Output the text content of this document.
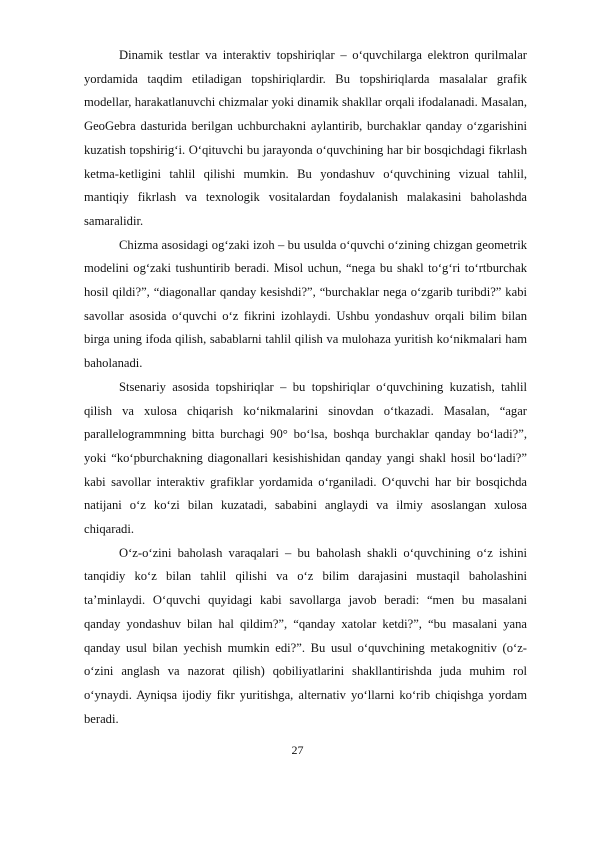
Dinamik testlar va interaktiv topshiriqlar – o‘quvchilarga elektron qurilmalar yordamida taqdim etiladigan topshiriqlardir. Bu topshiriqlarda masalalar grafik modellar, harakatlanuvchi chizmalar yoki dinamik shakllar orqali ifodalanadi. Masalan, GeoGebra dasturida berilgan uchburchakni aylantirib, burchaklar qanday o‘zgarishini kuzatish topshirig‘i. O‘qituvchi bu jarayonda o‘quvchining har bir bosqichdagi fikrlash ketma-ketligini tahlil qilishi mumkin. Bu yondashuv o‘quvchining vizual tahlil, mantiqiy fikrlash va texnologik vositalardan foydalanish malakasini baholashda samaralidir.

Chizma asosidagi og‘zaki izoh – bu usulda o‘quvchi o‘zining chizgan geometrik modelini og‘zaki tushuntirib beradi. Misol uchun, “nega bu shakl to‘g‘ri to‘rtburchak hosil qildi?”, “diagonallar qanday kesishdi?”, “burchaklar nega o‘zgarib turibdi?” kabi savollar asosida o‘quvchi o‘z fikrini izohlaydi. Ushbu yondashuv orqali bilim bilan birga uning ifoda qilish, sabablarni tahlil qilish va mulohaza yuritish ko‘nikmalari ham baholanadi.

Stsenariy asosida topshiriqlar – bu topshiriqlar o‘quvchining kuzatish, tahlil qilish va xulosa chiqarish ko‘nikmalarini sinovdan o‘tkazadi. Masalan, “agar parallelogrammning bitta burchagi 90° bo‘lsa, boshqa burchaklar qanday bo‘ladi?”, yoki “ko‘pburchakning diagonallari kesishishidan qanday yangi shakl hosil bo‘ladi?” kabi savollar interaktiv grafiklar yordamida o‘rganiladi. O‘quvchi har bir bosqichda natijani o‘z ko‘zi bilan kuzatadi, sababini anglaydi va ilmiy asoslangan xulosa chiqaradi.

O‘z-o‘zini baholash varaqalari – bu baholash shakli o‘quvchining o‘z ishini tanqidiy ko‘z bilan tahlil qilishi va o‘z bilim darajasini mustaqil baholashini ta’minlaydi. O‘quvchi quyidagi kabi savollarga javob beradi: “men bu masalani qanday yondashuv bilan hal qildim?”, “qanday xatolar ketdi?”, “bu masalani yana qanday usul bilan yechish mumkin edi?”. Bu usul o‘quvchining metakognitiv (o‘z-o‘zini anglash va nazorat qilish) qobiliyatlarini shakllantirishda juda muhim rol o‘ynaydi. Ayniqsa ijodiy fikr yuritishga, alternativ yo‘llarni ko‘rib chiqishga yordam beradi.

27
